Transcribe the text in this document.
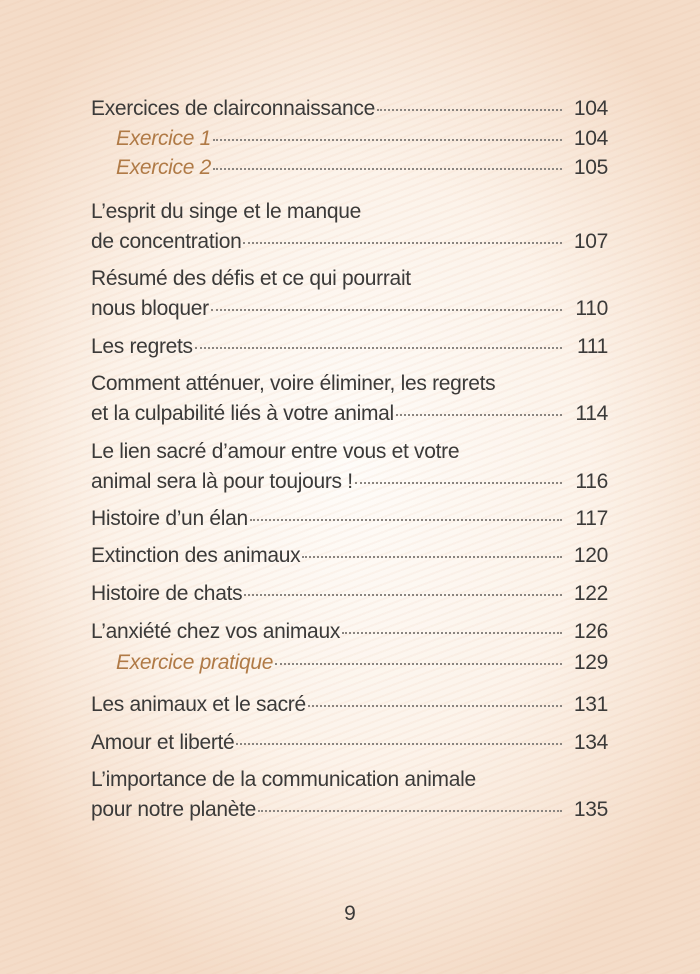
Exercices de clairconnaissance	104
Exercice 1	104
Exercice 2	105
L’esprit du singe et le manque
de concentration	107
Résumé des défis et ce qui pourrait
nous bloquer	110
Les regrets	111
Comment atténuer, voire éliminer, les regrets
et la culpabilité liés à votre animal	114
Le lien sacré d’amour entre vous et votre
animal sera là pour toujours !	116
Histoire d’un élan	117
Extinction des animaux	120
Histoire de chats	122
L’anxiété chez vos animaux	126
Exercice pratique	129
Les animaux et le sacré	131
Amour et liberté	134
L’importance de la communication animale
pour notre planète	135
9
